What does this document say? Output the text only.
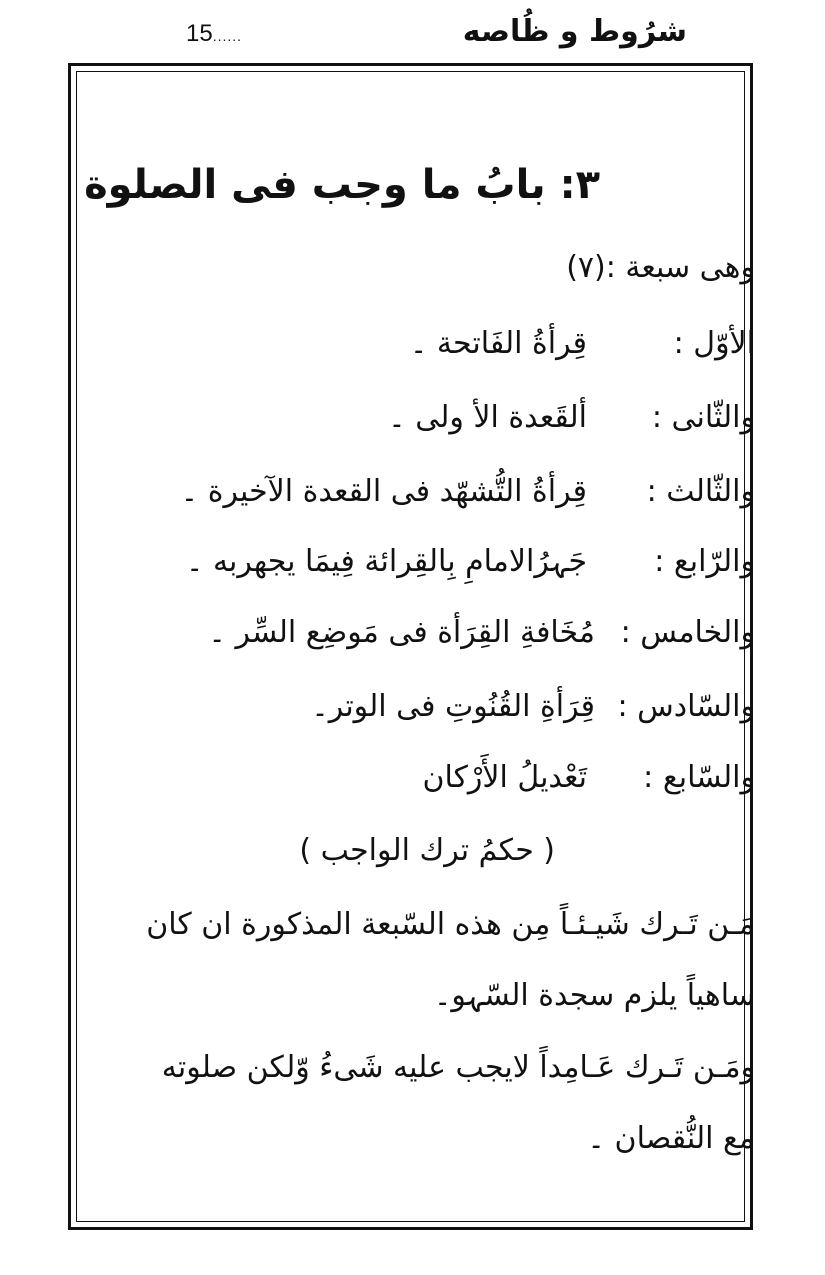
15......	شرُوط و ظُاصه
٣: بابُ ما وجب فى الصلوة
وهى سبعة :(٧)
الأوّل :
قِرأةُ الفَاتحة ۔
والثّانى :
ألقَعدة الأ ولى ۔
والثّالث :
قِرأةُ التُّشهّد فى القعدة الآخيرة ۔
والرّابع :
جَہرُالامامِ بِالقِرائة فِيمَا يجهربه ۔
والخامس :
مُخَافةِ القِرَأة فى مَوضِع السِّر ۔
والسّادس :
قِرَأةِ القُنُوتِ فى الوتر۔
والسّابع :
تَعْديلُ الأَرْكان
( حكمُ ترك الواجب )
مَـن تَـرك شَيـئـاً مِن هذه السّبعة المذكورة ان كان
ساهياً يلزم سجدة السّہو۔
ومَـن تَـرك عَـامِداً لايجب عليه شَىءُ وّلكن صلوته
مع النُّقصان ۔
